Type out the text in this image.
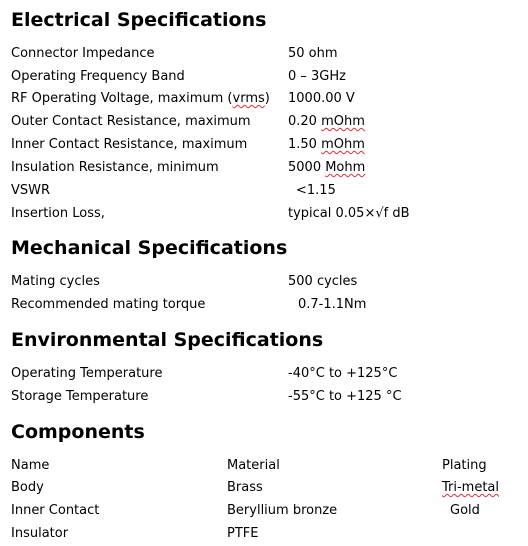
Electrical Specifications
Connector Impedance	50 ohm
Operating Frequency Band	0 – 3GHz
RF Operating Voltage, maximum (vrms) 1000.00 V
Outer Contact Resistance, maximum	0.20 mOhm
Inner Contact Resistance, maximum	1.50 mOhm
Insulation Resistance, minimum	5000 Mohm
VSWR	<1.15
Insertion Loss,	typical 0.05×√f dB
Mechanical Specifications
Mating cycles	500 cycles
Recommended mating torque	0.7-1.1Nm
Environmental Specifications
Operating Temperature	-40°C to +125°C
Storage Temperature	-55°C to +125 °C
Components
Name	Material	Plating
Body	Brass	Tri-metal
Inner Contact	Beryllium bronze	Gold
Insulator	PTFE
